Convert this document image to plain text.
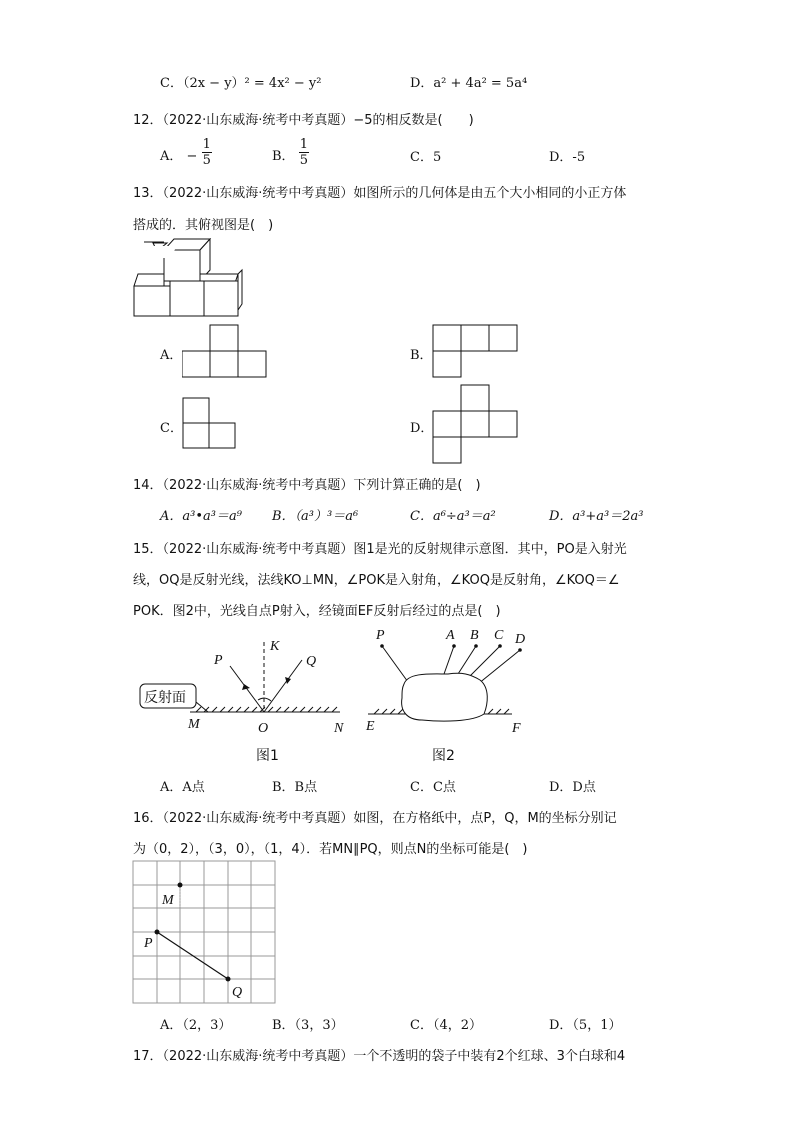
C．（2x − y）² = 4x² − y²	D．a² + 4a² = 5a⁴
12．（2022·山东威海·统考中考真题）−5的相反数是(　　)
A． − $\frac{1}{5}$	B． $\frac{1}{5}$	C．5	D．-5
13．（2022·山东威海·统考中考真题）如图所示的几何体是由五个大小相同的小正方体
搭成的．其俯视图是(　)
A．	B．
C．	D．
14．（2022·山东威海·统考中考真题）下列计算正确的是(　)
A．a³•a³＝a⁹ B．（a³）³＝a⁶	C．a⁶÷a³＝a²	D．a³+a³＝2a³
15．（2022·山东威海·统考中考真题）图1是光的反射规律示意图．其中，PO是入射光
线，OQ是反射光线，法线KO⊥MN，∠POK是入射角，∠KOQ是反射角，∠KOQ＝∠
POK．图2中，光线自点P射入，经镜面EF反射后经过的点是(　)
P
K
Q
M	O	N
反射面
图1
P	A B C D
E	F
图2
A．A点	B．B点	C．C点	D．D点
16．（2022·山东威海·统考中考真题）如图，在方格纸中，点P，Q，M的坐标分别记
为（0，2），（3，0），（1，4）．若MN∥PQ，则点N的坐标可能是(　)
M
P
Q
A．（2，3）	B．（3，3）	C．（4，2）	D．（5，1）
17．（2022·山东威海·统考中考真题）一个不透明的袋子中装有2个红球、3个白球和4
